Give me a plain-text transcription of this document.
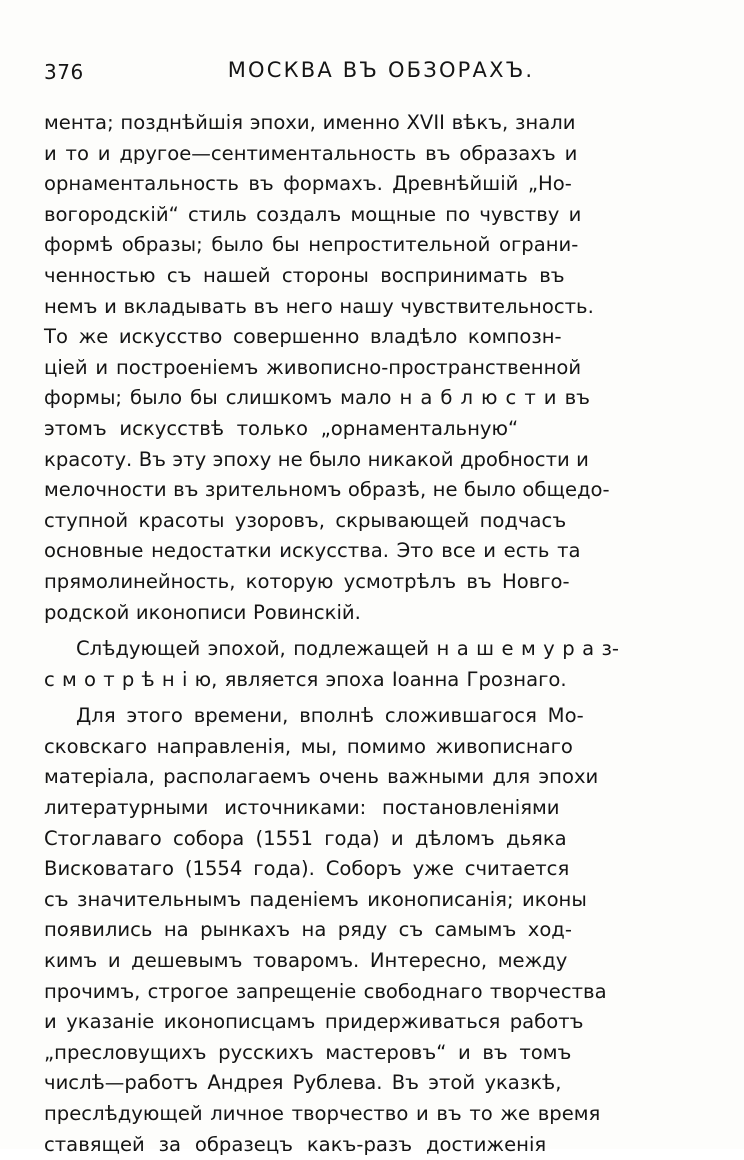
376	МОСКВА ВЪ ОБЗОРАХЪ.

мента; позднѣйшія эпохи, именно XVII вѣкъ, знали
и то и другое—сентиментальность въ образахъ и
орнаментальность въ формахъ. Древнѣйшій „Но-
вогородскій“ стиль создалъ мощные по чувству и
формѣ образы; было бы непростительной ограни-
ченностью съ нашей стороны воспринимать въ
немъ и вкладывать въ него нашу чувствительность.
То же искусство совершенно владѣло композн-
ціей и построеніемъ живописно-пространственной
формы; было бы слишкомъ мало н а б л ю с т и въ
этомъ искусствѣ только „орнаментальную“
красоту. Въ эту эпоху не было никакой дробности и
мелочности въ зрительномъ образѣ, не было общедо-
ступной красоты узоровъ, скрывающей подчасъ
основные недостатки искусства. Это все и есть та
прямолинейность, которую усмотрѣлъ въ Новго-
родской иконописи Ровинскій.

Слѣдующей эпохой, подлежащей н а ш е м у р а з-
с м о т р ѣ н і ю, является эпоха Іоанна Грознаго.

Для этого времени, вполнѣ сложившагося Мо-
сковскаго направленія, мы, помимо живописнаго
матеріала, располагаемъ очень важными для эпохи
литературными источниками: постановленіями
Стоглаваго собора (1551 года) и дѣломъ дьяка
Висковатаго (1554 года). Соборъ уже считается
съ значительнымъ паденіемъ иконописанія; иконы
появились на рынкахъ на ряду съ самымъ ход-
кимъ и дешевымъ товаромъ. Интересно, между
прочимъ, строгое запрещеніе свободнаго творчества
и указаніе иконописцамъ придерживаться работъ
„пресловущихъ русскихъ мастеровъ“ и въ томъ
числѣ—работъ Андрея Рублева. Въ этой указкѣ,
преслѣдующей личное творчество и въ то же время
ставящей за образецъ какъ-разъ достиженія
